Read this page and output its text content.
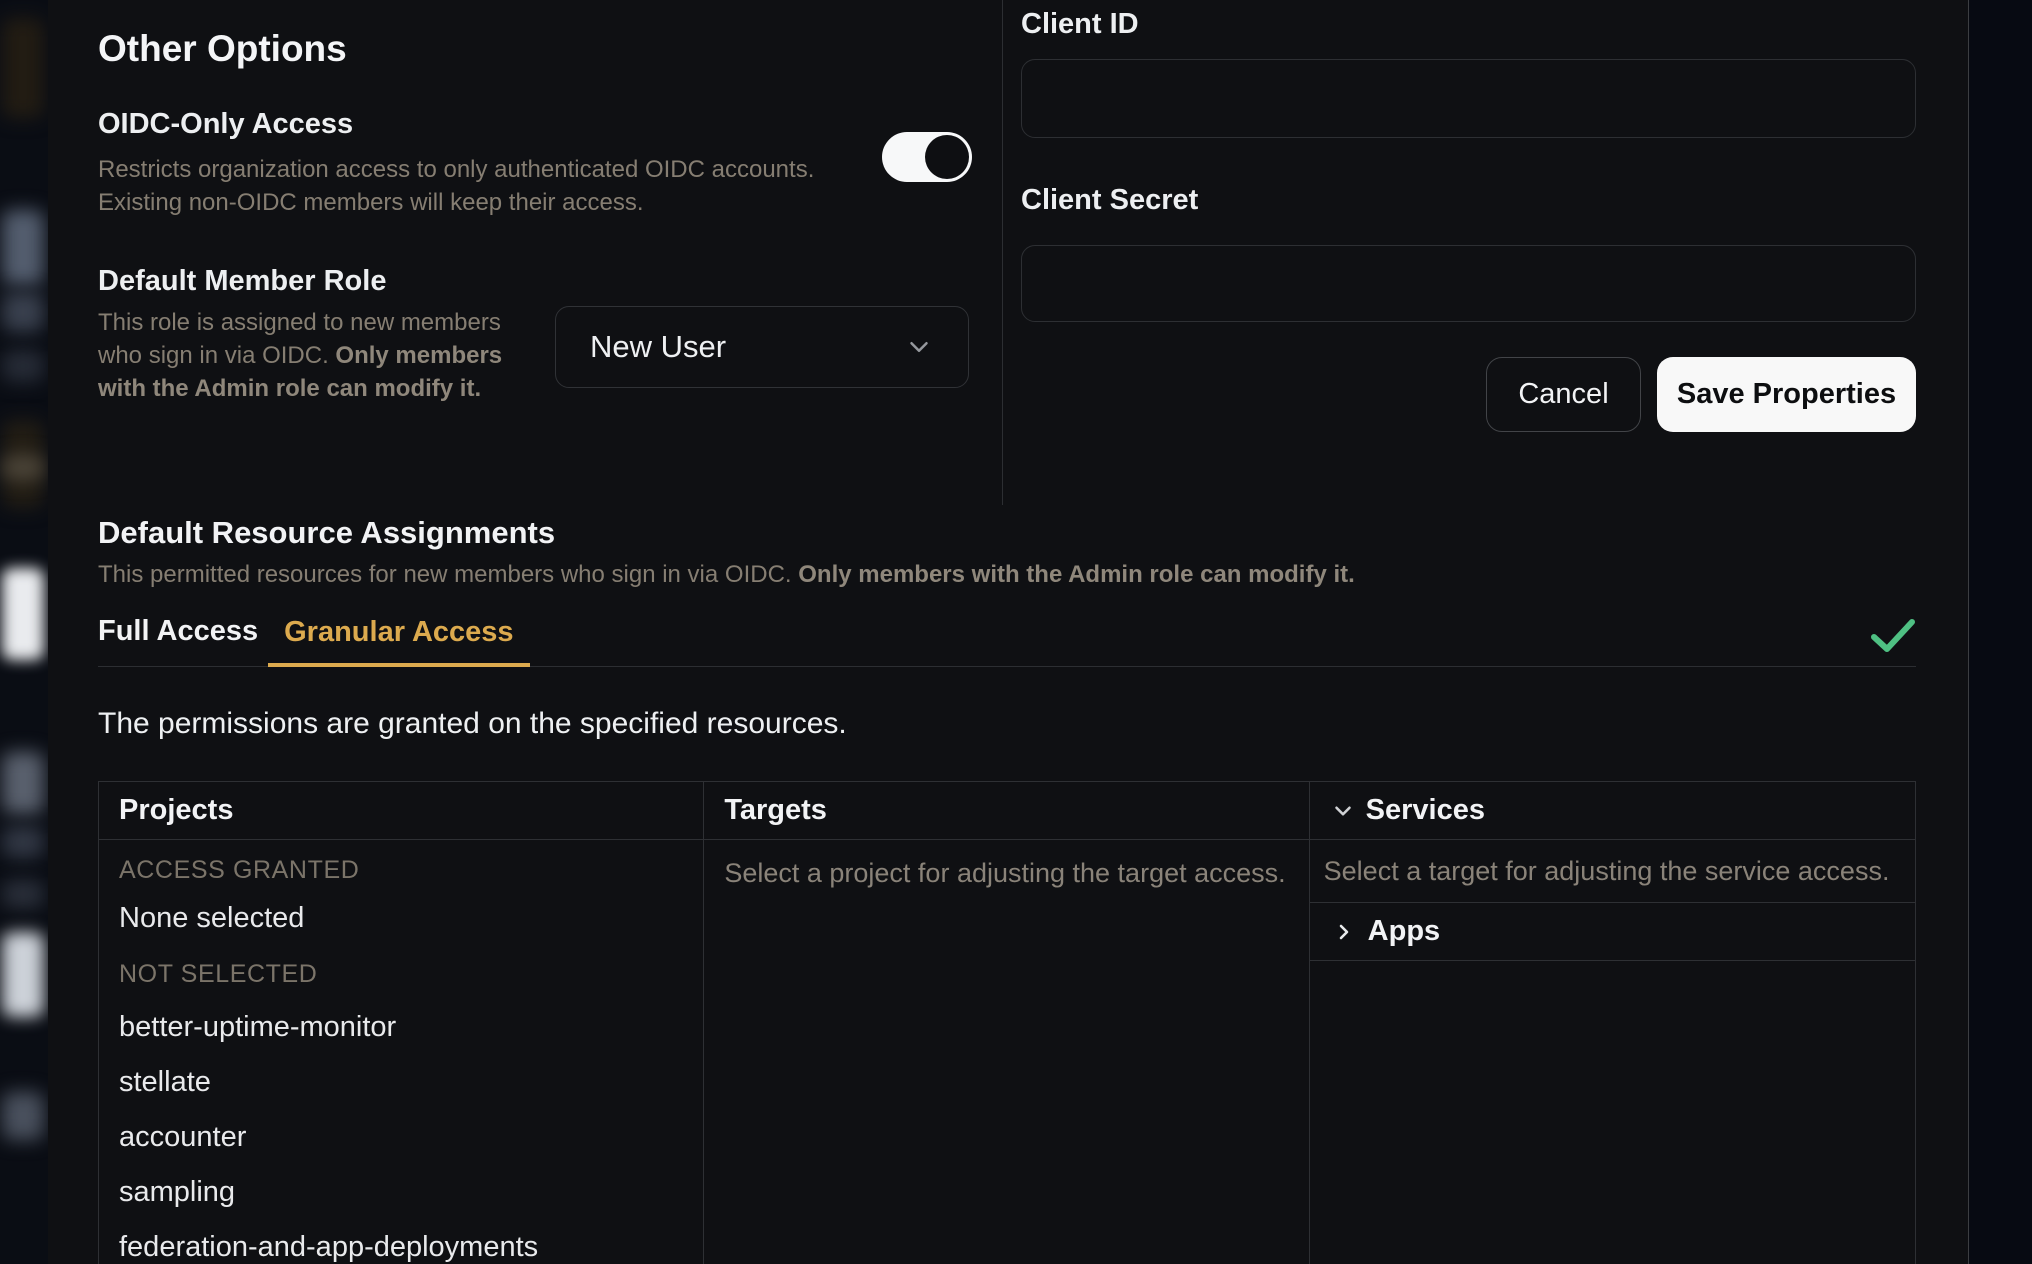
Other Options
OIDC-Only Access
Restricts organization access to only authenticated OIDC accounts. Existing non-OIDC members will keep their access.
Default Member Role
This role is assigned to new members who sign in via OIDC. Only members with the Admin role can modify it.
New User
Client ID
Client Secret
Cancel	Save Properties
Default Resource Assignments
This permitted resources for new members who sign in via OIDC. Only members with the Admin role can modify it.
Full Access Granular Access
The permissions are granted on the specified resources.
Projects
ACCESS GRANTED
None selected
NOT SELECTED
better-uptime-monitor
stellate
accounter
sampling
federation-and-app-deployments
Targets
Select a project for adjusting the target access.
Services
Select a target for adjusting the service access.
Apps
